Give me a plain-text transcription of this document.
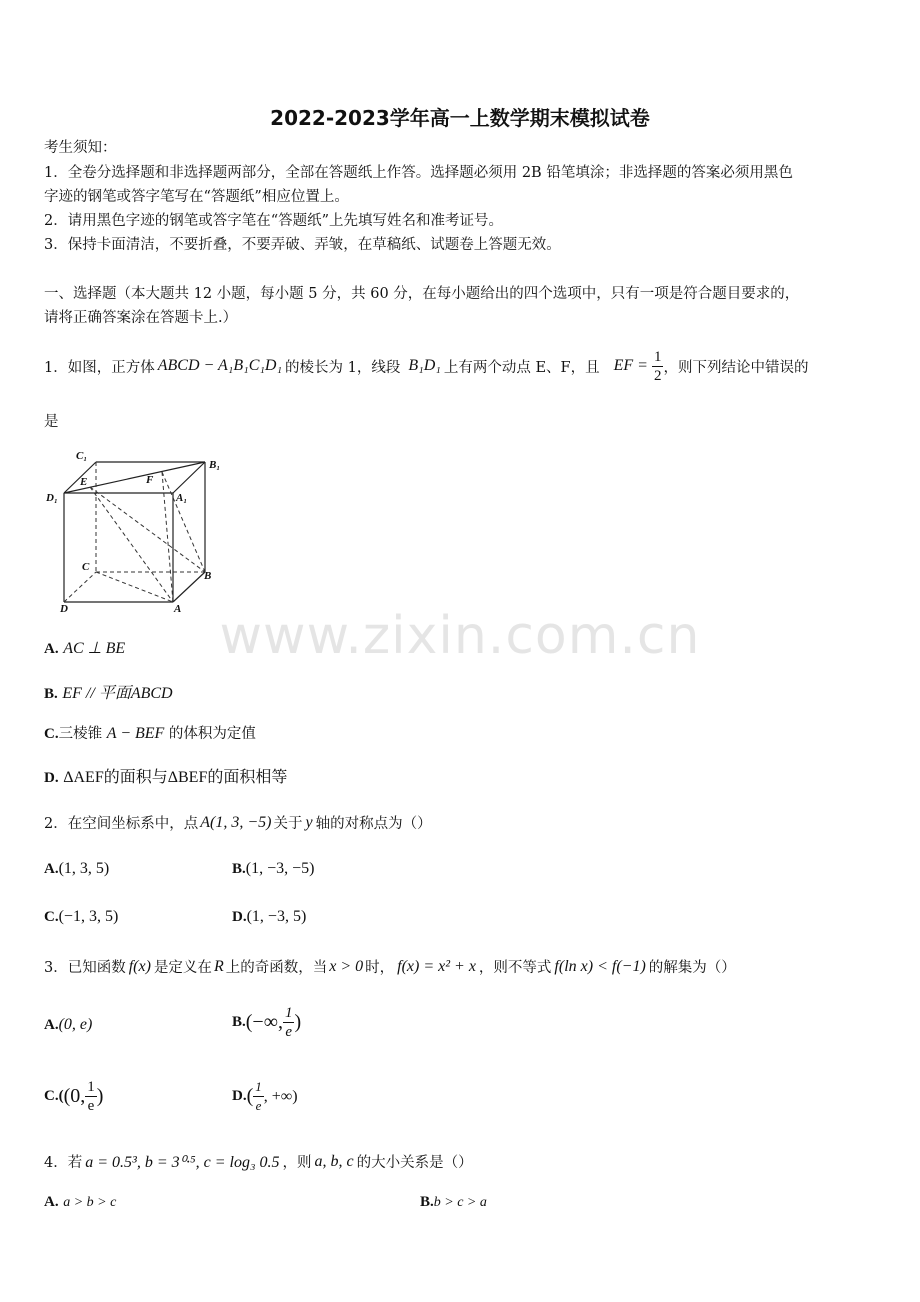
2022-2023学年高一上数学期末模拟试卷
考生须知：
1．全卷分选择题和非选择题两部分，全部在答题纸上作答。选择题必须用 2B 铅笔填涂；非选择题的答案必须用黑色
字迹的钢笔或答字笔写在“答题纸”相应位置上。
2．请用黑色字迹的钢笔或答字笔在“答题纸”上先填写姓名和准考证号。
3．保持卡面清洁，不要折叠，不要弄破、弄皱，在草稿纸、试题卷上答题无效。
一、选择题（本大题共 12 小题，每小题 5 分，共 60 分，在每小题给出的四个选项中，只有一项是符合题目要求的，
请将正确答案涂在答题卡上.）
1．如图，正方体 ABCD − A₁B₁C₁D₁ 的棱长为 1，线段 B₁D₁ 上有两个动点 E、F，且 EF = $\frac{1}{2}$ ，则下列结论中错误的
是
C₁
B₁
E	F
D₁	A₁
C
B
D	A www.zixin.com.cn
A. AC ⊥ BE
B. EF // 平面ABCD
C.三棱锥 A − BEF 的体积为定值
D. ΔAEF的面积与ΔBEF的面积相等
2．在空间坐标系中，点 A(1, 3, −5) 关于 y 轴的对称点为（）
A.(1, 3, 5)	B.(1, −3, −5)
C.(−1, 3, 5)	D.(1, −3, 5)
3．已知函数 f(x) 是定义在 R 上的奇函数，当 x > 0 时， f(x) = x² + x ，则不等式 f(ln x) < f(−1) 的解集为（）
A.(0, e)	B. (−∞, $\frac{1}{e}$ )
C.( (0, $\frac{1}{e}$ )	D. ( $\frac{1}{e}$ , +∞)
4．若 a = 0.5³, b = 3⁰·⁵, c = log₃ 0.5 ，则 a, b, c 的大小关系是（）
A. a > b > c	B.b > c > a
